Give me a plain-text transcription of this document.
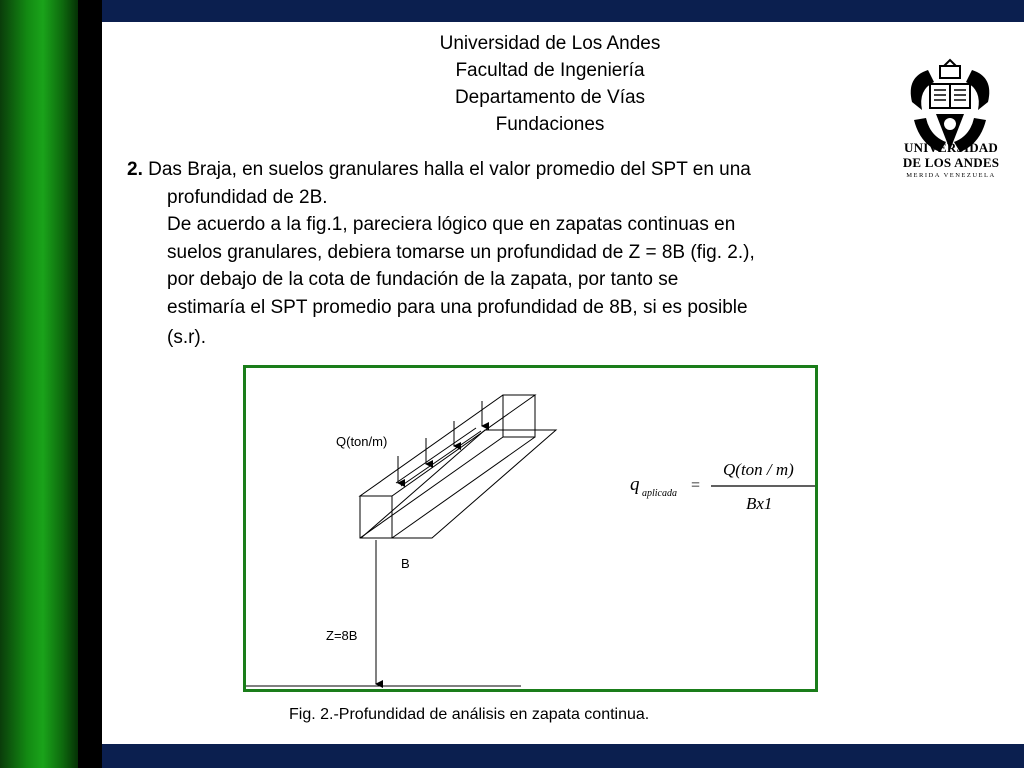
Universidad de Los Andes
Facultad de Ingeniería
Departamento de Vías
Fundaciones
UNIVERSIDAD
DE LOS ANDES
MERIDA VENEZUELA
2. Das Braja, en suelos granulares halla el valor promedio del SPT en una
profundidad de 2B.
De acuerdo a la fig.1, pareciera lógico que en zapatas continuas en
suelos granulares, debiera tomarse un profundidad de Z = 8B (fig. 2.),
por debajo de la cota de fundación de la zapata, por tanto se
estimaría el SPT promedio para una profundidad de 8B, si es posible
(s.r).
Q(ton/m)
B
Z=8B
q aplicada =
Q(ton / m)
Bx1
Fig. 2.-Profundidad de análisis en zapata continua.
